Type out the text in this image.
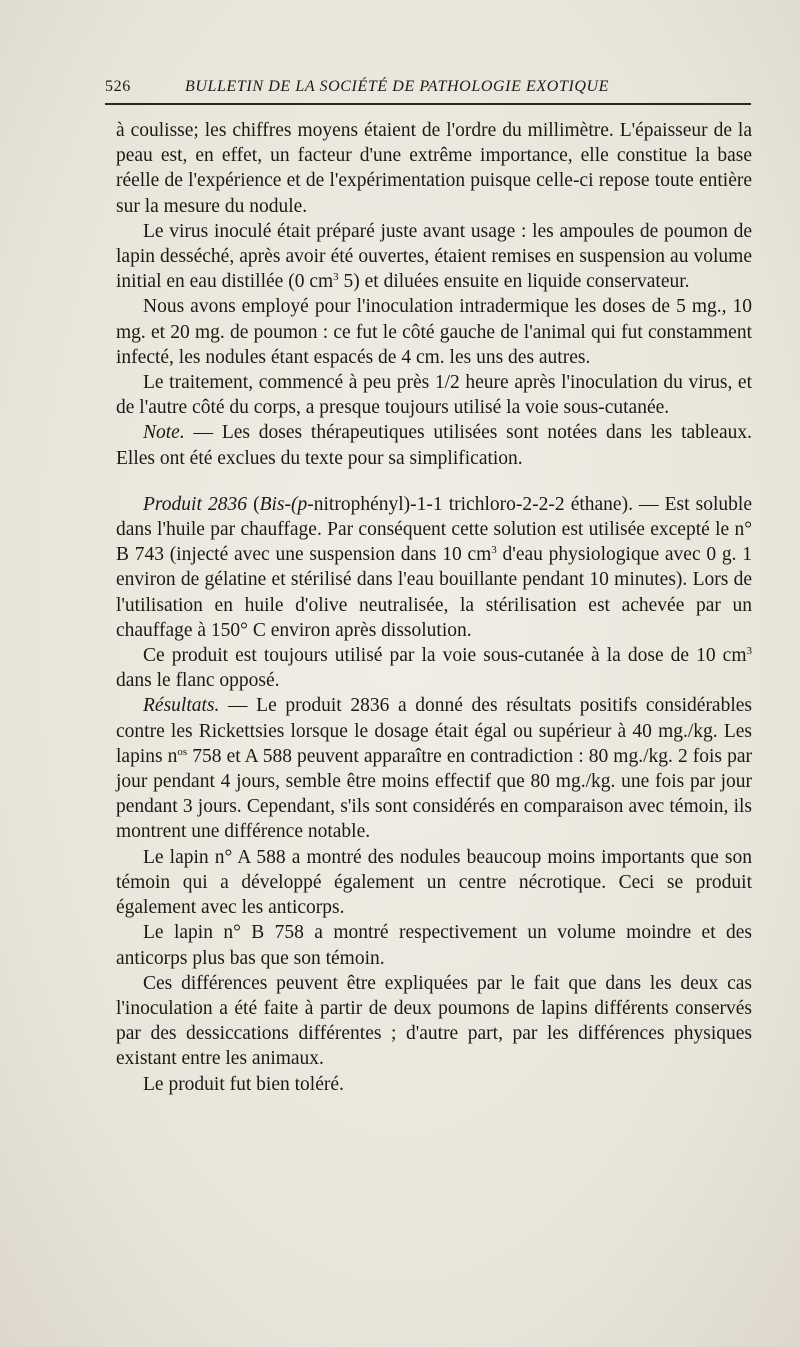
526	BULLETIN DE LA SOCIÉTÉ DE PATHOLOGIE EXOTIQUE

à coulisse; les chiffres moyens étaient de l'ordre du millimètre. L'épaisseur de la peau est, en effet, un facteur d'une extrême importance, elle constitue la base réelle de l'expérience et de l'expérimentation puisque celle-ci repose toute entière sur la mesure du nodule.

Le virus inoculé était préparé juste avant usage : les ampoules de poumon de lapin desséché, après avoir été ouvertes, étaient remises en suspension au volume initial en eau distillée (0 $cm^3$ 5) et diluées ensuite en liquide conservateur.

Nous avons employé pour l'inoculation intradermique les doses de 5 mg., 10 mg. et 20 mg. de poumon : ce fut le côté gauche de l'animal qui fut constamment infecté, les nodules étant espacés de 4 cm. les uns des autres.

Le traitement, commencé à peu près 1/2 heure après l'inoculation du virus, et de l'autre côté du corps, a presque toujours utilisé la voie sous-cutanée.

Note. — Les doses thérapeutiques utilisées sont notées dans les tableaux. Elles ont été exclues du texte pour sa simplification.

Produit 2836 (Bis-(p-nitrophényl)-1-1 trichloro-2-2-2 éthane). — Est soluble dans l'huile par chauffage. Par conséquent cette solution est utilisée excepté le n° B 743 (injecté avec une suspension dans 10 $cm^3$ d'eau physiologique avec 0 g. 1 environ de gélatine et stérilisé dans l'eau bouillante pendant 10 minutes). Lors de l'utilisation en huile d'olive neutralisée, la stérilisation est achevée par un chauffage à 150° C environ après dissolution.

Ce produit est toujours utilisé par la voie sous-cutanée à la dose de 10 $cm^3$ dans le flanc opposé.

Résultats. — Le produit 2836 a donné des résultats positifs considérables contre les Rickettsies lorsque le dosage était égal ou supérieur à 40 mg./kg. Les lapins $n^{os}$ 758 et A 588 peuvent apparaître en contradiction : 80 mg./kg. 2 fois par jour pendant 4 jours, semble être moins effectif que 80 mg./kg. une fois par jour pendant 3 jours. Cependant, s'ils sont considérés en comparaison avec témoin, ils montrent une différence notable.

Le lapin n° A 588 a montré des nodules beaucoup moins importants que son témoin qui a développé également un centre nécrotique. Ceci se produit également avec les anticorps.

Le lapin n° B 758 a montré respectivement un volume moindre et des anticorps plus bas que son témoin.

Ces différences peuvent être expliquées par le fait que dans les deux cas l'inoculation a été faite à partir de deux poumons de lapins différents conservés par des dessiccations différentes ; d'autre part, par les différences physiques existant entre les animaux.

Le produit fut bien toléré.
